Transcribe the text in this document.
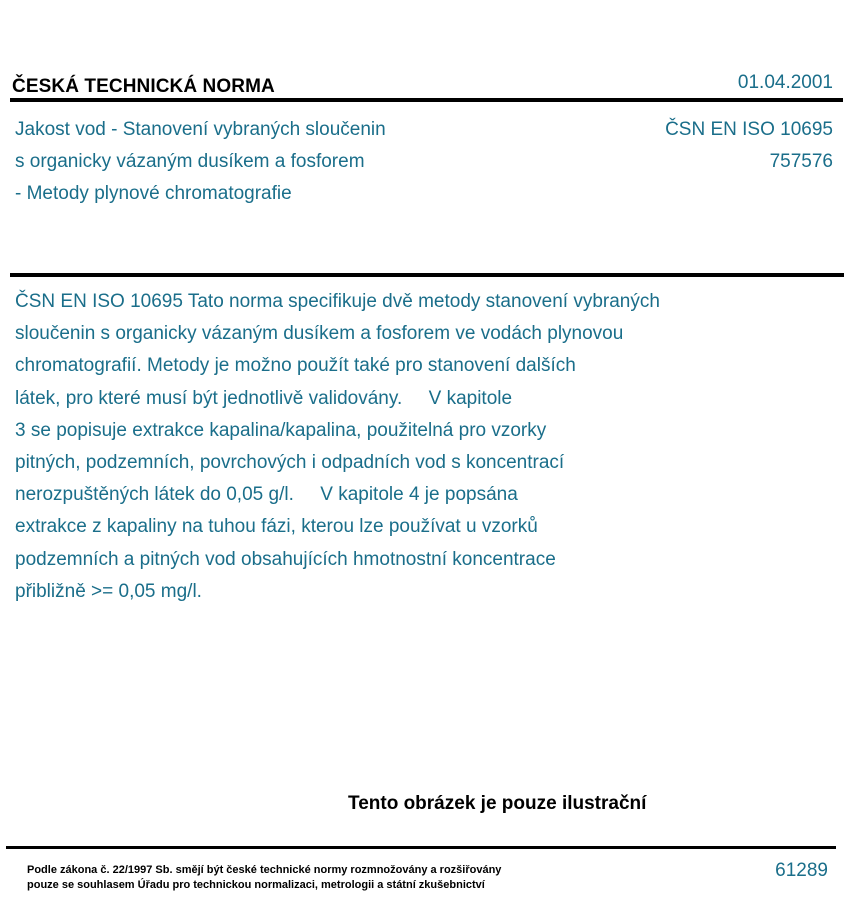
ČESKÁ TECHNICKÁ NORMA	01.04.2001
Jakost vod - Stanovení vybraných sloučenin
s organicky vázaným dusíkem a fosforem
- Metody plynové chromatografie
ČSN EN ISO 10695
757576
ČSN EN ISO 10695 Tato norma specifikuje dvě metody stanovení vybraných
sloučenin s organicky vázaným dusíkem a fosforem ve vodách plynovou
chromatografií. Metody je možno použít také pro stanovení dalších
látek, pro které musí být jednotlivě validovány.     V kapitole
3 se popisuje extrakce kapalina/kapalina, použitelná pro vzorky
pitných, podzemních, povrchových i odpadních vod s koncentrací
nerozpuštěných látek do 0,05 g/l.     V kapitole 4 je popsána
extrakce z kapaliny na tuhou fázi, kterou lze používat u vzorků
podzemních a pitných vod obsahujících hmotnostní koncentrace
přibližně >= 0,05 mg/l.
Tento obrázek je pouze ilustrační
Podle zákona č. 22/1997 Sb. smějí být české technické normy rozmnožovány a rozšiřovány
pouze se souhlasem Úřadu pro technickou normalizaci, metrologii a státní zkušebnictví
61289
